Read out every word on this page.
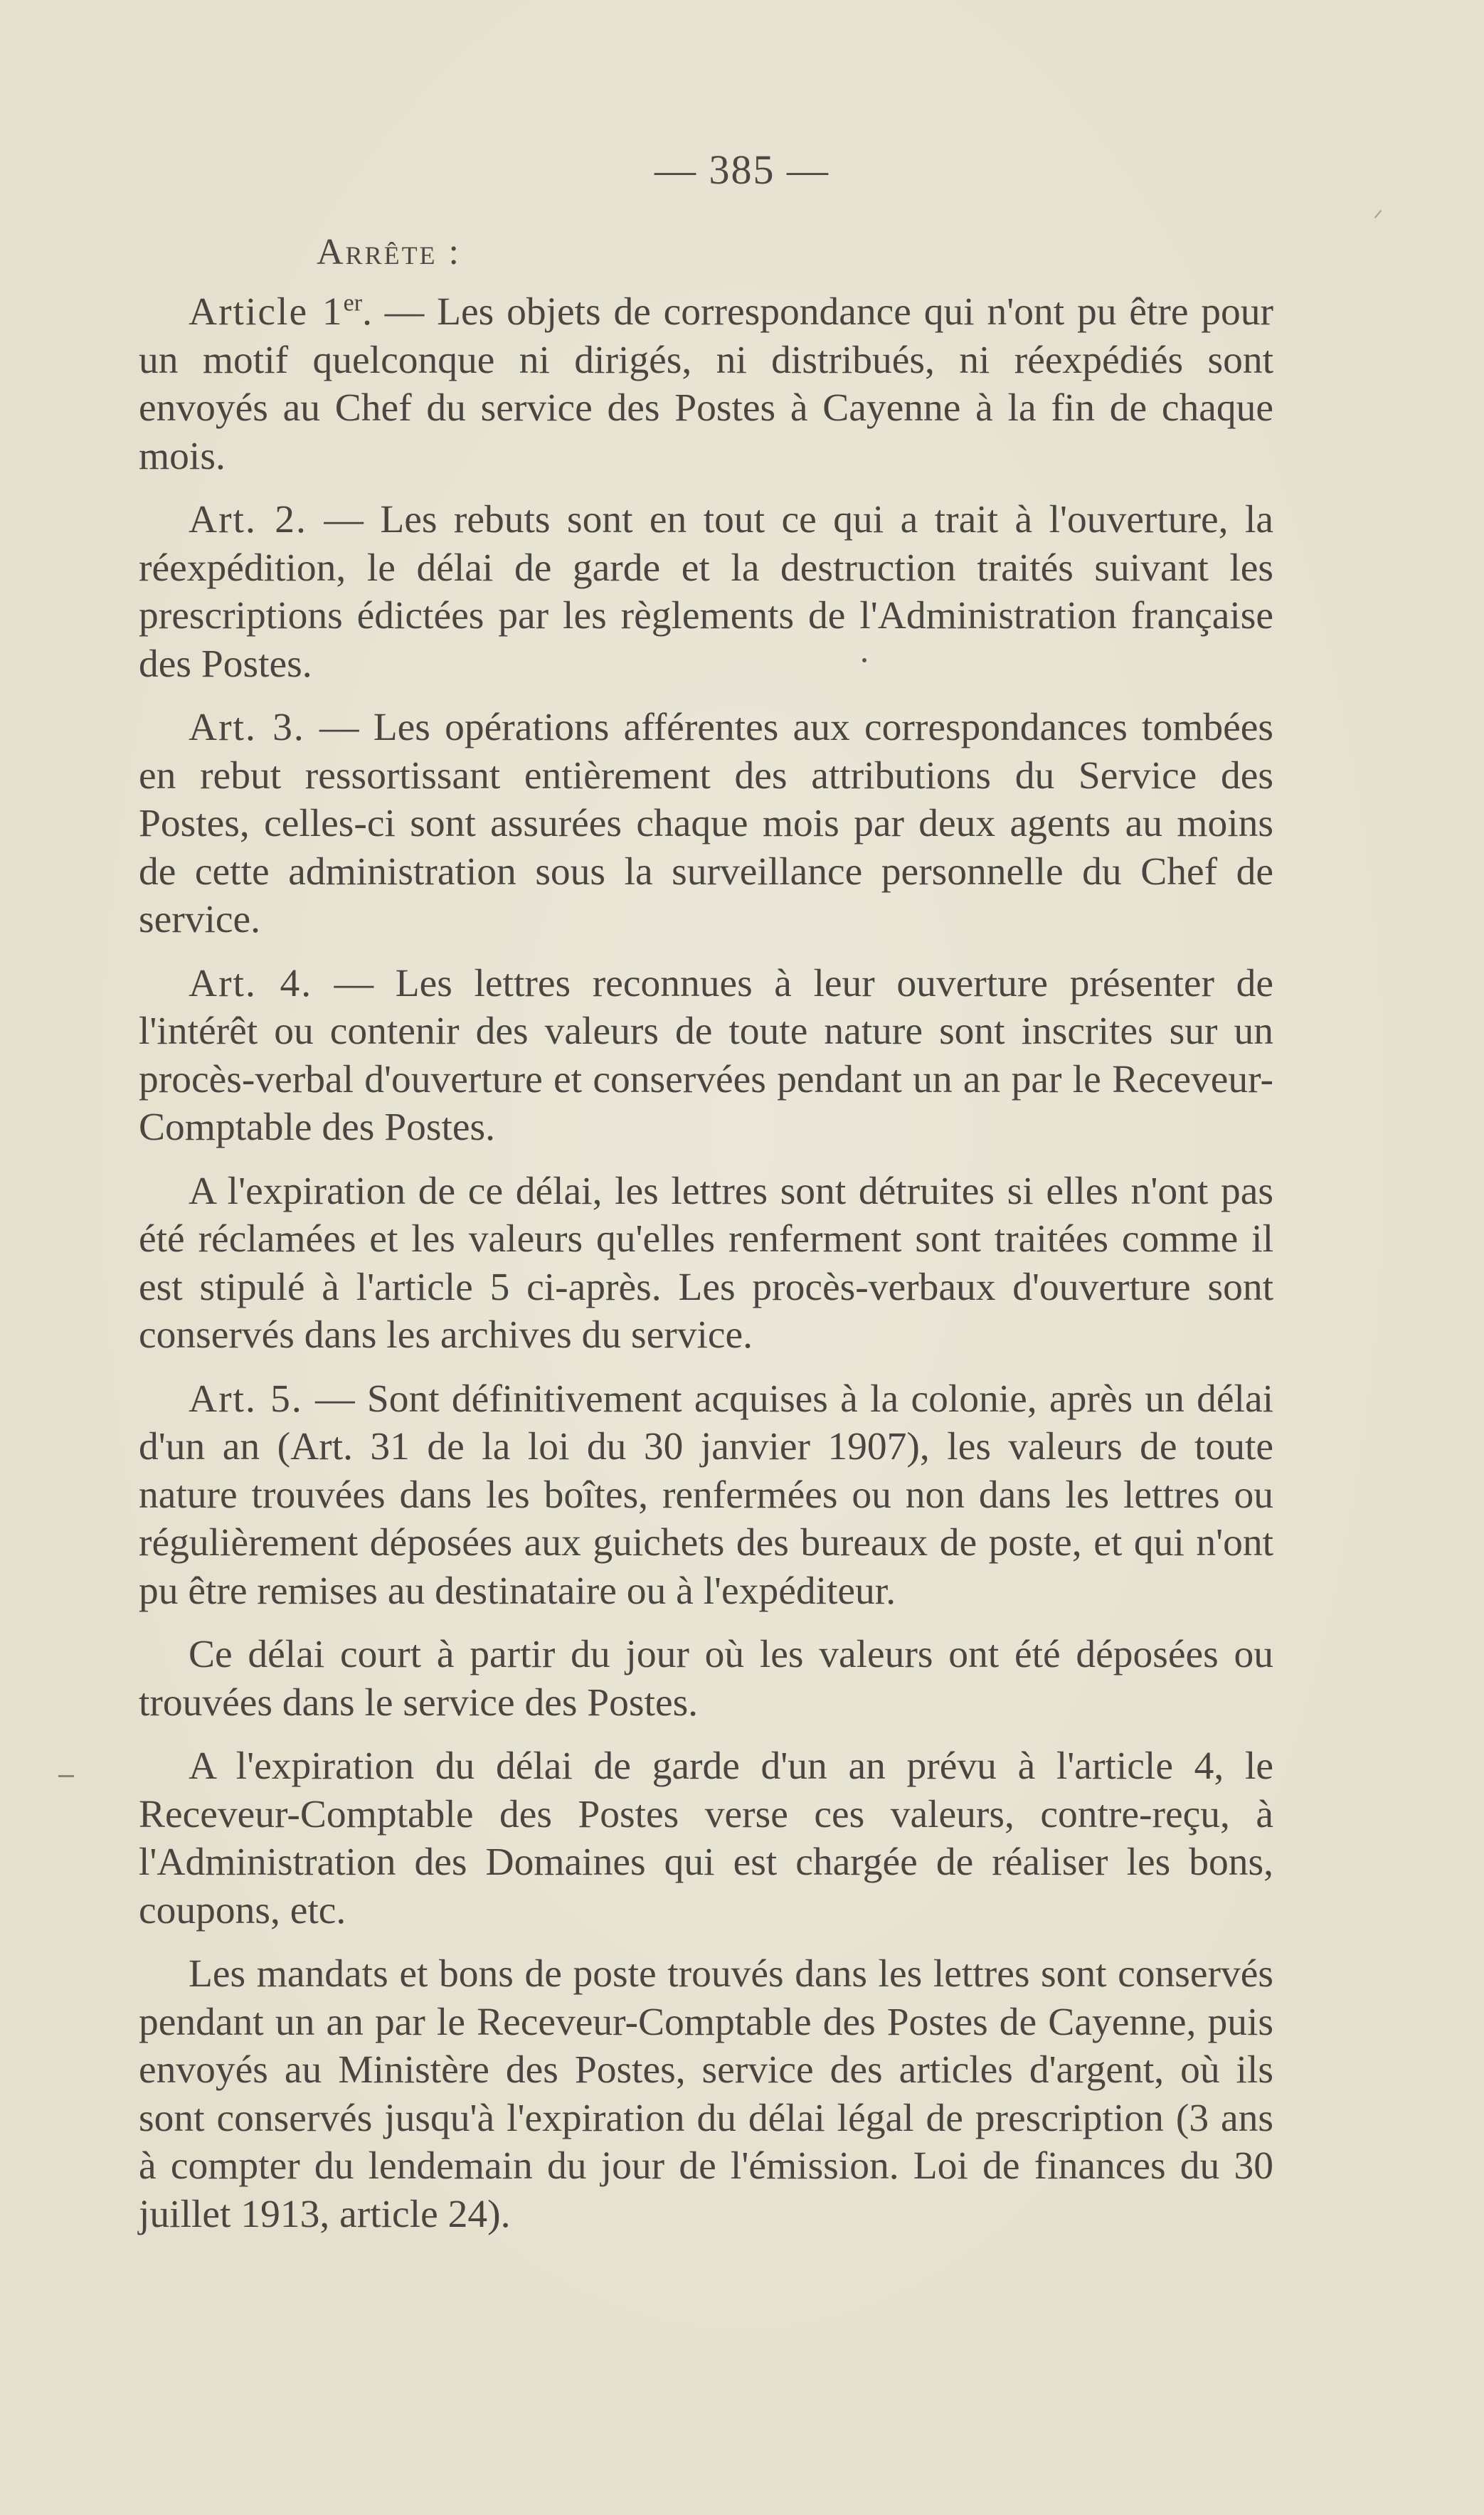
— 385 —
Arrête :

Article 1er. — Les objets de correspondance qui n'ont pu être pour un motif quelconque ni dirigés, ni distribués, ni réexpédiés sont envoyés au Chef du service des Postes à Cayenne à la fin de chaque mois.

Art. 2. — Les rebuts sont en tout ce qui a trait à l'ouverture, la réexpédition, le délai de garde et la destruction traités suivant les prescriptions édictées par les règlements de l'Administration française des Postes.

Art. 3. — Les opérations afférentes aux correspondances tombées en rebut ressortissant entièrement des attributions du Service des Postes, celles-ci sont assurées chaque mois par deux agents au moins de cette administration sous la surveillance personnelle du Chef de service.

Art. 4. — Les lettres reconnues à leur ouverture présenter de l'intérêt ou contenir des valeurs de toute nature sont inscrites sur un procès-verbal d'ouverture et conservées pendant un an par le Receveur-Comptable des Postes.

A l'expiration de ce délai, les lettres sont détruites si elles n'ont pas été réclamées et les valeurs qu'elles renferment sont traitées comme il est stipulé à l'article 5 ci-après. Les procès-verbaux d'ouverture sont conservés dans les archives du service.

Art. 5. — Sont définitivement acquises à la colonie, après un délai d'un an (Art. 31 de la loi du 30 janvier 1907), les valeurs de toute nature trouvées dans les boîtes, renfermées ou non dans les lettres ou régulièrement déposées aux guichets des bureaux de poste, et qui n'ont pu être remises au destinataire ou à l'expéditeur.

Ce délai court à partir du jour où les valeurs ont été déposées ou trouvées dans le service des Postes.

A l'expiration du délai de garde d'un an prévu à l'article 4, le Receveur-Comptable des Postes verse ces valeurs, contre-reçu, à l'Administration des Domaines qui est chargée de réaliser les bons, coupons, etc.

Les mandats et bons de poste trouvés dans les lettres sont conservés pendant un an par le Receveur-Comptable des Postes de Cayenne, puis envoyés au Ministère des Postes, service des articles d'argent, où ils sont conservés jusqu'à l'expiration du délai légal de prescription (3 ans à compter du lendemain du jour de l'émission. Loi de finances du 30 juillet 1913, article 24).
